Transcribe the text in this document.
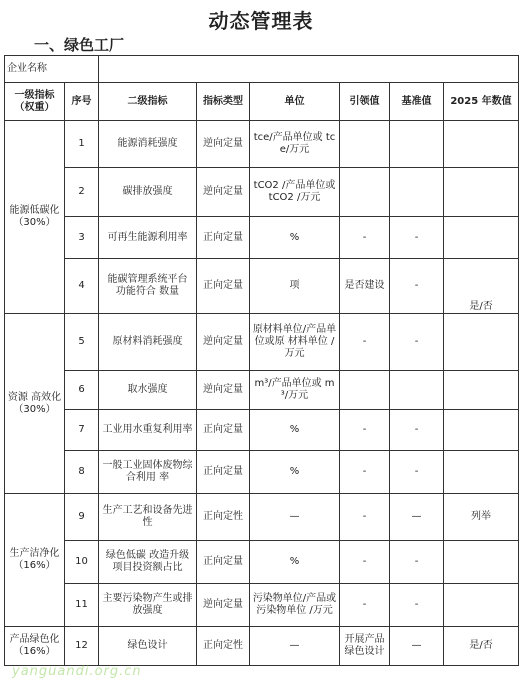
动态管理表
一、绿色工厂
企业名称							
一级指标（权重）	序号	二级指标	指标类型	单位	引领值	基准值	2025 年数值
能源低碳化 （30%）	1	能源消耗强度	逆向定量	tce/产品单位或 tce/万元			
	2	碳排放强度	逆向定量	tCO2 /产品单位或 tCO2 /万元			
	3	可再生能源利用率	正向定量	%	-	-	
	4	能碳管理系统平台 功能符合 数量	正向定量	项	是否建设	-	是/否
资源 高效化 （30%）	5	原材料消耗强度	逆向定量	原材料单位/产品单位或原 材料单位 /万元	-	-	
	6	取水强度	逆向定量	m³/产品单位或 m³/万元			
	7	工业用水重复利用率	正向定量	%	-	-	
	8	一般工业固体废物综合利用 率	正向定量	%	-	-	
生产洁净化 （16%）	9	生产工艺和设备先进性	正向定性	—	-	—	列举
	10	绿色低碳 改造升级项目投资额占比	正向定量	%	-	-	
	11	主要污染物产生或排放强度	逆向定量	污染物单位/产品或污染物单位 /万元	-	-	
产品绿色化 （16%）	12	绿色设计	正向定性	—	开展产品绿色设计	—	是/否
yanguandi.org.cn
